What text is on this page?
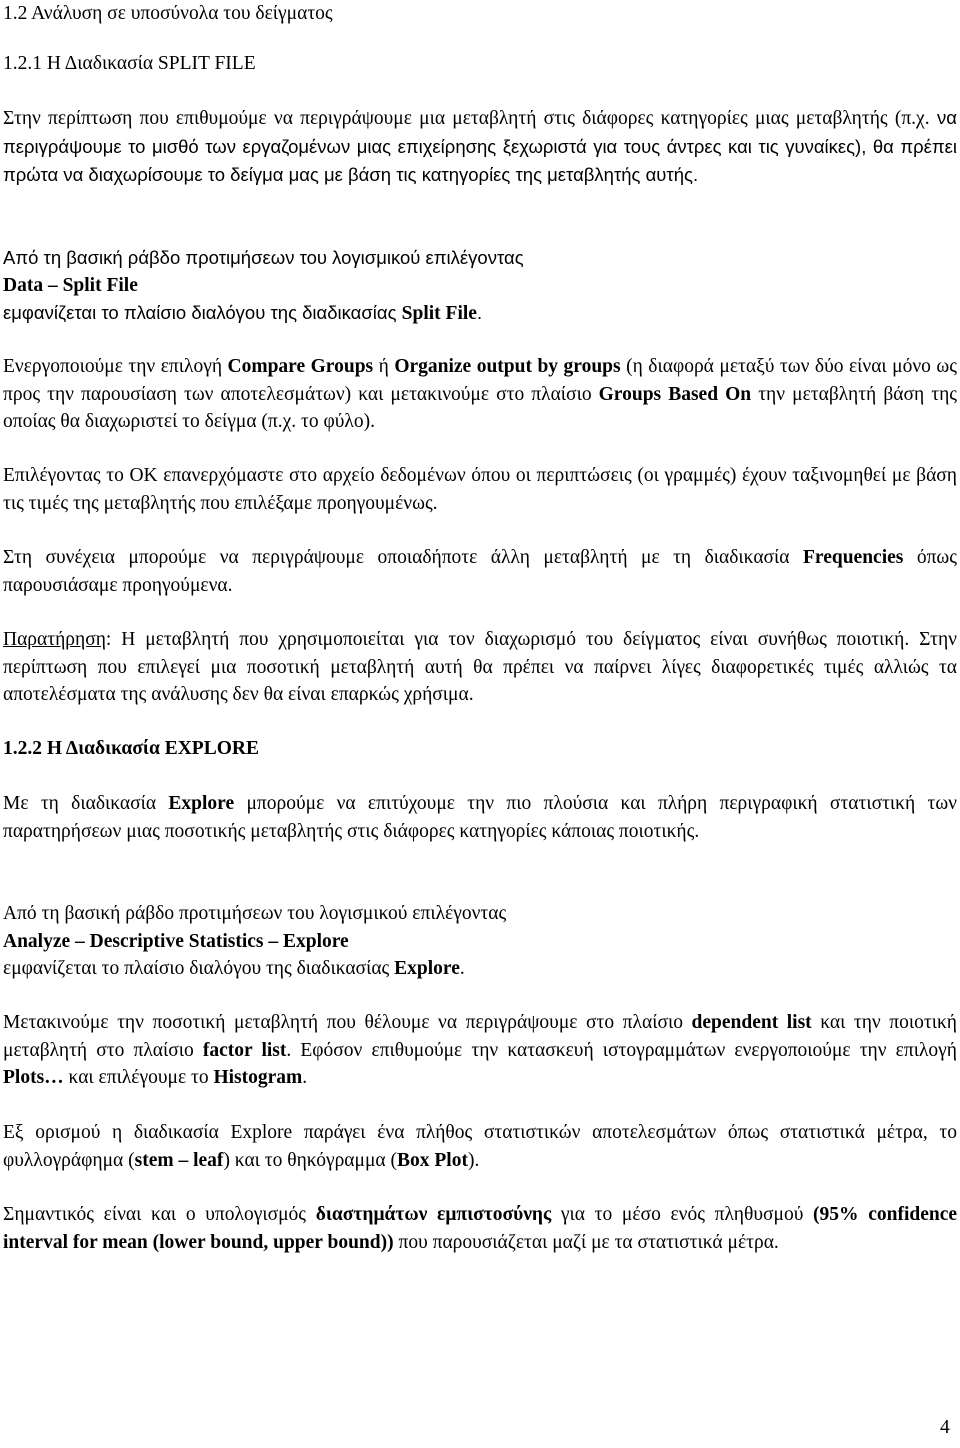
1.2 Ανάλυση σε υποσύνολα του δείγματος

1.2.1 Η Διαδικασία SPLIT FILE

Στην περίπτωση που επιθυμούμε να περιγράψουμε μια μεταβλητή στις διάφορες κατηγορίες μιας μεταβλητής (π.χ. να περιγράψουμε το μισθό των εργαζομένων μιας επιχείρησης ξεχωριστά για τους άντρες και τις γυναίκες), θα πρέπει πρώτα να διαχωρίσουμε το δείγμα μας με βάση τις κατηγορίες της μεταβλητής αυτής.

Από τη βασική ράβδο προτιμήσεων του λογισμικού επιλέγοντας
Data – Split File
εμφανίζεται το πλαίσιο διαλόγου της διαδικασίας Split File.

Ενεργοποιούμε την επιλογή Compare Groups ή Organize output by groups (η διαφορά μεταξύ των δύο είναι μόνο ως προς την παρουσίαση των αποτελεσμάτων) και μετακινούμε στο πλαίσιο Groups Based On την μεταβλητή βάση της οποίας θα διαχωριστεί το δείγμα (π.χ. το φύλο).

Επιλέγοντας το ΟΚ επανερχόμαστε στο αρχείο δεδομένων όπου οι περιπτώσεις (οι γραμμές) έχουν ταξινομηθεί με βάση τις τιμές της μεταβλητής που επιλέξαμε προηγουμένως.

Στη συνέχεια μπορούμε να περιγράψουμε οποιαδήποτε άλλη μεταβλητή με τη διαδικασία Frequencies όπως παρουσιάσαμε προηγούμενα.

Παρατήρηση: Η μεταβλητή που χρησιμοποιείται για τον διαχωρισμό του δείγματος είναι συνήθως ποιοτική. Στην περίπτωση που επιλεγεί μια ποσοτική μεταβλητή αυτή θα πρέπει να παίρνει λίγες διαφορετικές τιμές αλλιώς τα αποτελέσματα της ανάλυσης δεν θα είναι επαρκώς χρήσιμα.

1.2.2 Η Διαδικασία EXPLORE

Με τη διαδικασία Explore μπορούμε να επιτύχουμε την πιο πλούσια και πλήρη περιγραφική στατιστική των παρατηρήσεων μιας ποσοτικής μεταβλητής στις διάφορες κατηγορίες κάποιας ποιοτικής.

Από τη βασική ράβδο προτιμήσεων του λογισμικού επιλέγοντας
Analyze – Descriptive Statistics – Explore
εμφανίζεται το πλαίσιο διαλόγου της διαδικασίας Explore.

Μετακινούμε την ποσοτική μεταβλητή που θέλουμε να περιγράψουμε στο πλαίσιο dependent list και την ποιοτική μεταβλητή στο πλαίσιο factor list. Εφόσον επιθυμούμε την κατασκευή ιστογραμμάτων ενεργοποιούμε την επιλογή Plots… και επιλέγουμε το Histogram.

Εξ ορισμού η διαδικασία Explore παράγει ένα πλήθος στατιστικών αποτελεσμάτων όπως στατιστικά μέτρα, το φυλλογράφημα (stem – leaf) και το θηκόγραμμα (Box Plot).

Σημαντικός είναι και ο υπολογισμός διαστημάτων εμπιστοσύνης για το μέσο ενός πληθυσμού (95% confidence interval for mean (lower bound, upper bound)) που παρουσιάζεται μαζί με τα στατιστικά μέτρα.

4
